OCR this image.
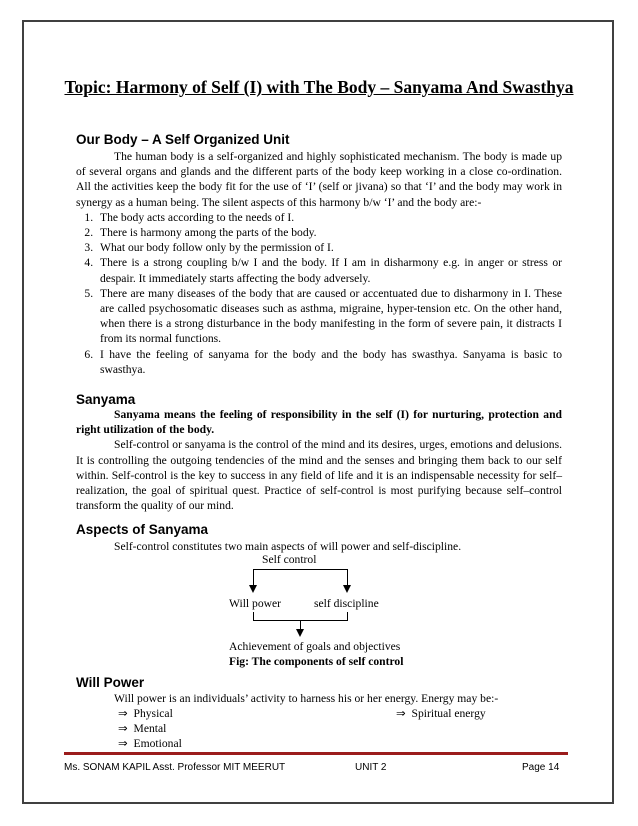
Topic: Harmony of Self (I) with The Body – Sanyama And Swasthya
Our Body – A Self Organized Unit

The human body is a self-organized and highly sophisticated mechanism. The body is made up of several organs and glands and the different parts of the body keep working in a close co-ordination. All the activities keep the body fit for the use of ‘I’ (self or jivana) so that ‘I’ and the body may work in synergy as a human being. The silent aspects of this harmony b/w ‘I’ and the body are:-

1. The body acts according to the needs of I.
2. There is harmony among the parts of the body.
3. What our body follow only by the permission of I.
4. There is a strong coupling b/w I and the body. If I am in disharmony e.g. in anger or stress or despair. It immediately starts affecting the body adversely.
5. There are many diseases of the body that are caused or accentuated due to disharmony in I. These are called psychosomatic diseases such as asthma, migraine, hyper-tension etc. On the other hand, when there is a strong disturbance in the body manifesting in the form of severe pain, it distracts I from its normal functions.
6. I have the feeling of sanyama for the body and the body has swasthya. Sanyama is basic to swasthya.
Sanyama

Sanyama means the feeling of responsibility in the self (I) for nurturing, protection and right utilization of the body.

Self-control or sanyama is the control of the mind and its desires, urges, emotions and delusions. It is controlling the outgoing tendencies of the mind and the senses and bringing them back to our self within. Self-control is the key to success in any field of life and it is an indispensable necessity for self– realization, the goal of spiritual quest. Practice of self-control is most purifying because self–control transform the quality of our mind.

Aspects of Sanyama

Self-control constitutes two main aspects of will power and self-discipline.

Self control
Will power	self discipline
Achievement of goals and objectives
Fig: The components of self control
Will Power

Will power is an individuals’ activity to harness his or her energy. Energy may be:-

⇒ Physical
⇒ Mental
⇒ Emotional
⇒ Spiritual energy
Ms. SONAM KAPIL Asst. Professor MIT MEERUT	UNIT 2	Page 14
